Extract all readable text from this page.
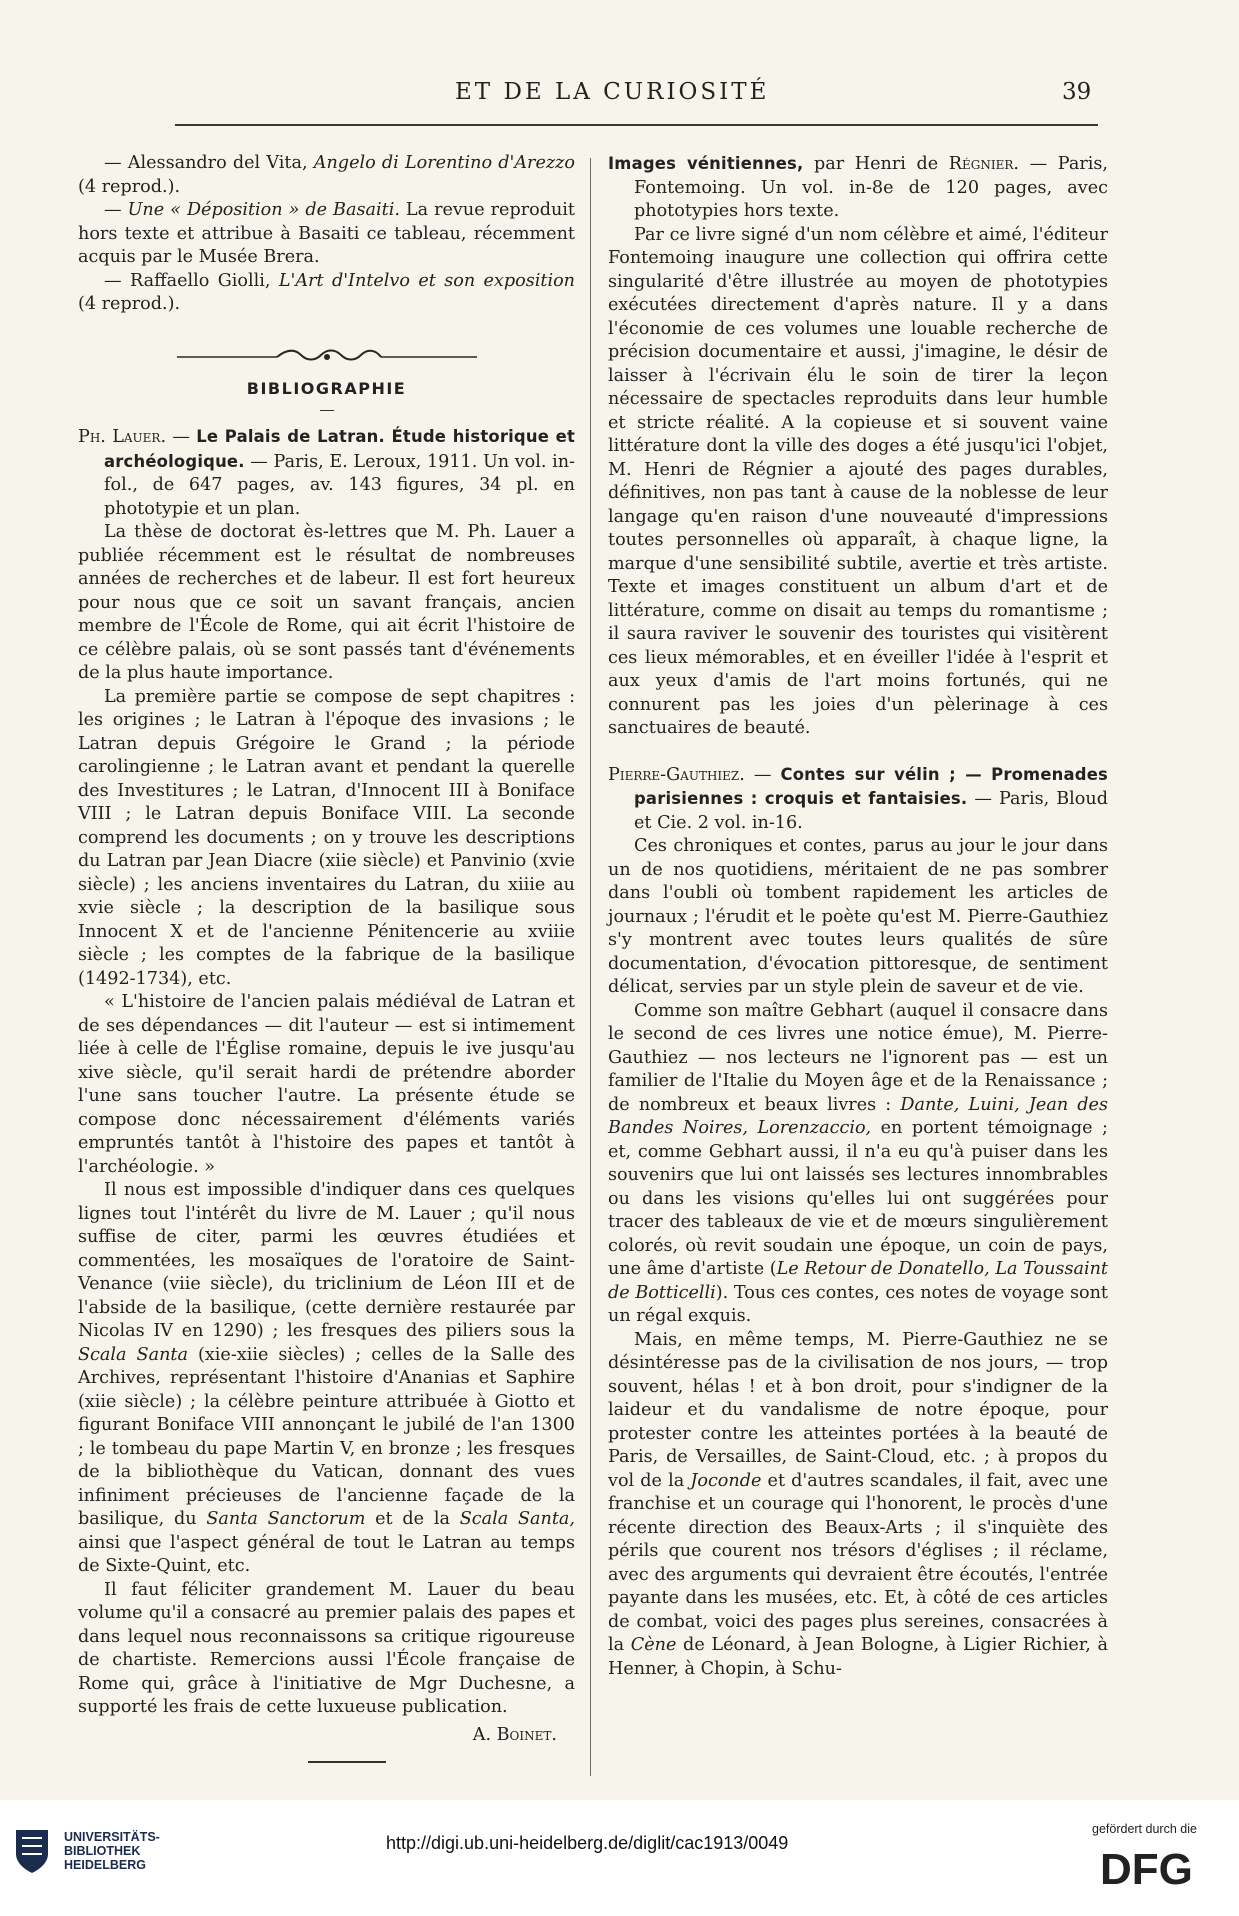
ET DE LA CURIOSITÉ	39

— Alessandro del Vita, Angelo di Lorentino d'Arezzo (4 reprod.).

— Une « Déposition » de Basaiti. La revue reproduit hors texte et attribue à Basaiti ce tableau, récemment acquis par le Musée Brera.

— Raffaello Giolli, L'Art d'Intelvo et son exposition (4 reprod.).

BIBLIOGRAPHIE

Ph. Lauer. — Le Palais de Latran. Étude historique et archéologique. — Paris, E. Leroux, 1911. Un vol. in-fol., de 647 pages, av. 143 figures, 34 pl. en phototypie et un plan.

La thèse de doctorat ès-lettres que M. Ph. Lauer a publiée récemment est le résultat de nombreuses années de recherches et de labeur. Il est fort heureux pour nous que ce soit un savant français, ancien membre de l'École de Rome, qui ait écrit l'histoire de ce célèbre palais, où se sont passés tant d'événements de la plus haute importance.

La première partie se compose de sept chapitres : les origines ; le Latran à l'époque des invasions ; le Latran depuis Grégoire le Grand ; la période carolingienne ; le Latran avant et pendant la querelle des Investitures ; le Latran, d'Innocent III à Boniface VIII ; le Latran depuis Boniface VIII. La seconde comprend les documents ; on y trouve les descriptions du Latran par Jean Diacre (xiie siècle) et Panvinio (xvie siècle) ; les anciens inventaires du Latran, du xiiie au xvie siècle ; la description de la basilique sous Innocent X et de l'ancienne Pénitencerie au xviiie siècle ; les comptes de la fabrique de la basilique (1492-1734), etc.

« L'histoire de l'ancien palais médiéval de Latran et de ses dépendances — dit l'auteur — est si intimement liée à celle de l'Église romaine, depuis le ive jusqu'au xive siècle, qu'il serait hardi de prétendre aborder l'une sans toucher l'autre. La présente étude se compose donc nécessairement d'éléments variés empruntés tantôt à l'histoire des papes et tantôt à l'archéologie. »

Il nous est impossible d'indiquer dans ces quelques lignes tout l'intérêt du livre de M. Lauer ; qu'il nous suffise de citer, parmi les œuvres étudiées et commentées, les mosaïques de l'oratoire de Saint-Venance (viie siècle), du triclinium de Léon III et de l'abside de la basilique, (cette dernière restaurée par Nicolas IV en 1290) ; les fresques des piliers sous la Scala Santa (xie-xiie siècles) ; celles de la Salle des Archives, représentant l'histoire d'Ananias et Saphire (xiie siècle) ; la célèbre peinture attribuée à Giotto et figurant Boniface VIII annonçant le jubilé de l'an 1300 ; le tombeau du pape Martin V, en bronze ; les fresques de la bibliothèque du Vatican, donnant des vues infiniment précieuses de l'ancienne façade de la basilique, du Santa Sanctorum et de la Scala Santa, ainsi que l'aspect général de tout le Latran au temps de Sixte-Quint, etc.

Il faut féliciter grandement M. Lauer du beau volume qu'il a consacré au premier palais des papes et dans lequel nous reconnaissons sa critique rigoureuse de chartiste. Remercions aussi l'École française de Rome qui, grâce à l'initiative de Mgr Duchesne, a supporté les frais de cette luxueuse publication.

A. Boinet.

Images vénitiennes, par Henri de Régnier. — Paris, Fontemoing. Un vol. in-8e de 120 pages, avec phototypies hors texte.

Par ce livre signé d'un nom célèbre et aimé, l'éditeur Fontemoing inaugure une collection qui offrira cette singularité d'être illustrée au moyen de phototypies exécutées directement d'après nature. Il y a dans l'économie de ces volumes une louable recherche de précision documentaire et aussi, j'imagine, le désir de laisser à l'écrivain élu le soin de tirer la leçon nécessaire de spectacles reproduits dans leur humble et stricte réalité. A la copieuse et si souvent vaine littérature dont la ville des doges a été jusqu'ici l'objet, M. Henri de Régnier a ajouté des pages durables, définitives, non pas tant à cause de la noblesse de leur langage qu'en raison d'une nouveauté d'impressions toutes personnelles où apparaît, à chaque ligne, la marque d'une sensibilité subtile, avertie et très artiste. Texte et images constituent un album d'art et de littérature, comme on disait au temps du romantisme ; il saura raviver le souvenir des touristes qui visitèrent ces lieux mémorables, et en éveiller l'idée à l'esprit et aux yeux d'amis de l'art moins fortunés, qui ne connurent pas les joies d'un pèlerinage à ces sanctuaires de beauté.

Pierre-Gauthiez. — Contes sur vélin ; — Promenades parisiennes : croquis et fantaisies. — Paris, Bloud et Cie. 2 vol. in-16.

Ces chroniques et contes, parus au jour le jour dans un de nos quotidiens, méritaient de ne pas sombrer dans l'oubli où tombent rapidement les articles de journaux ; l'érudit et le poète qu'est M. Pierre-Gauthiez s'y montrent avec toutes leurs qualités de sûre documentation, d'évocation pittoresque, de sentiment délicat, servies par un style plein de saveur et de vie.

Comme son maître Gebhart (auquel il consacre dans le second de ces livres une notice émue), M. Pierre-Gauthiez — nos lecteurs ne l'ignorent pas — est un familier de l'Italie du Moyen âge et de la Renaissance ; de nombreux et beaux livres : Dante, Luini, Jean des Bandes Noires, Lorenzaccio, en portent témoignage ; et, comme Gebhart aussi, il n'a eu qu'à puiser dans les souvenirs que lui ont laissés ses lectures innombrables ou dans les visions qu'elles lui ont suggérées pour tracer des tableaux de vie et de mœurs singulièrement colorés, où revit soudain une époque, un coin de pays, une âme d'artiste (Le Retour de Donatello, La Toussaint de Botticelli). Tous ces contes, ces notes de voyage sont un régal exquis.

Mais, en même temps, M. Pierre-Gauthiez ne se désintéresse pas de la civilisation de nos jours, — trop souvent, hélas ! et à bon droit, pour s'indigner de la laideur et du vandalisme de notre époque, pour protester contre les atteintes portées à la beauté de Paris, de Versailles, de Saint-Cloud, etc. ; à propos du vol de la Joconde et d'autres scandales, il fait, avec une franchise et un courage qui l'honorent, le procès d'une récente direction des Beaux-Arts ; il s'inquiète des périls que courent nos trésors d'églises ; il réclame, avec des arguments qui devraient être écoutés, l'entrée payante dans les musées, etc. Et, à côté de ces articles de combat, voici des pages plus sereines, consacrées à la Cène de Léonard, à Jean Bologne, à Ligier Richier, à Henner, à Chopin, à Schu-

UNIVERSITÄTS-
BIBLIOTHEK
HEIDELBERG
http://digi.ub.uni-heidelberg.de/diglit/cac1913/0049
gefördert durch die
DFG
